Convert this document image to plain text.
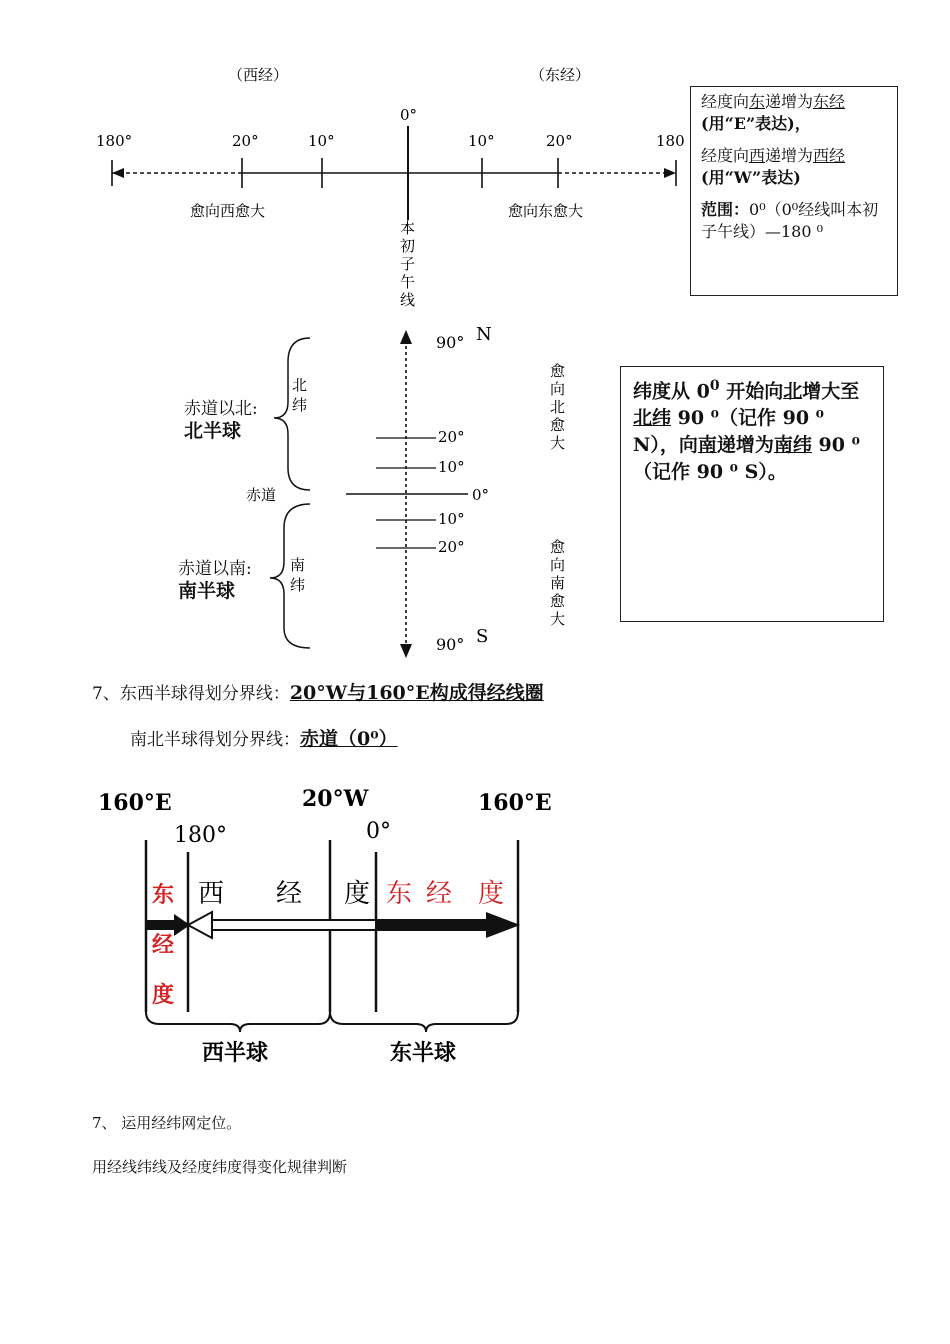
（西经）	（东经）
0°
180°	20°	10°	10°	20°	180
愈向西愈大	愈向东愈大
本
初
子
午
线

经度向东递增为东经
(用“E”表达)，

经度向西递增为西经
(用“W”表达)

范围：0⁰（0⁰经线叫本初子午线）—180 ⁰

90° N
90° S
20°
10°
0°
10°
20°
北
纬
南
纬
赤道
愈
向
北
愈
大
愈
向
南
愈
大
赤道以北:
北半球
赤道以南:
南半球
纬度从 $0^0$ 开始向北增大至北纬 90 ⁰（记作 90 ⁰ N），向南递增为南纬 90 ⁰（记作 90 ⁰ S）。
7、东西半球得划分界线：20°W与160°E构成得经线圈
南北半球得划分界线：赤道（0⁰）
160°E	20°W	160°E
180°	0°
东
经
度
西 经 度 东 经 度
西半球	东半球
7、 运用经纬网定位。
用经线纬线及经度纬度得变化规律判断
